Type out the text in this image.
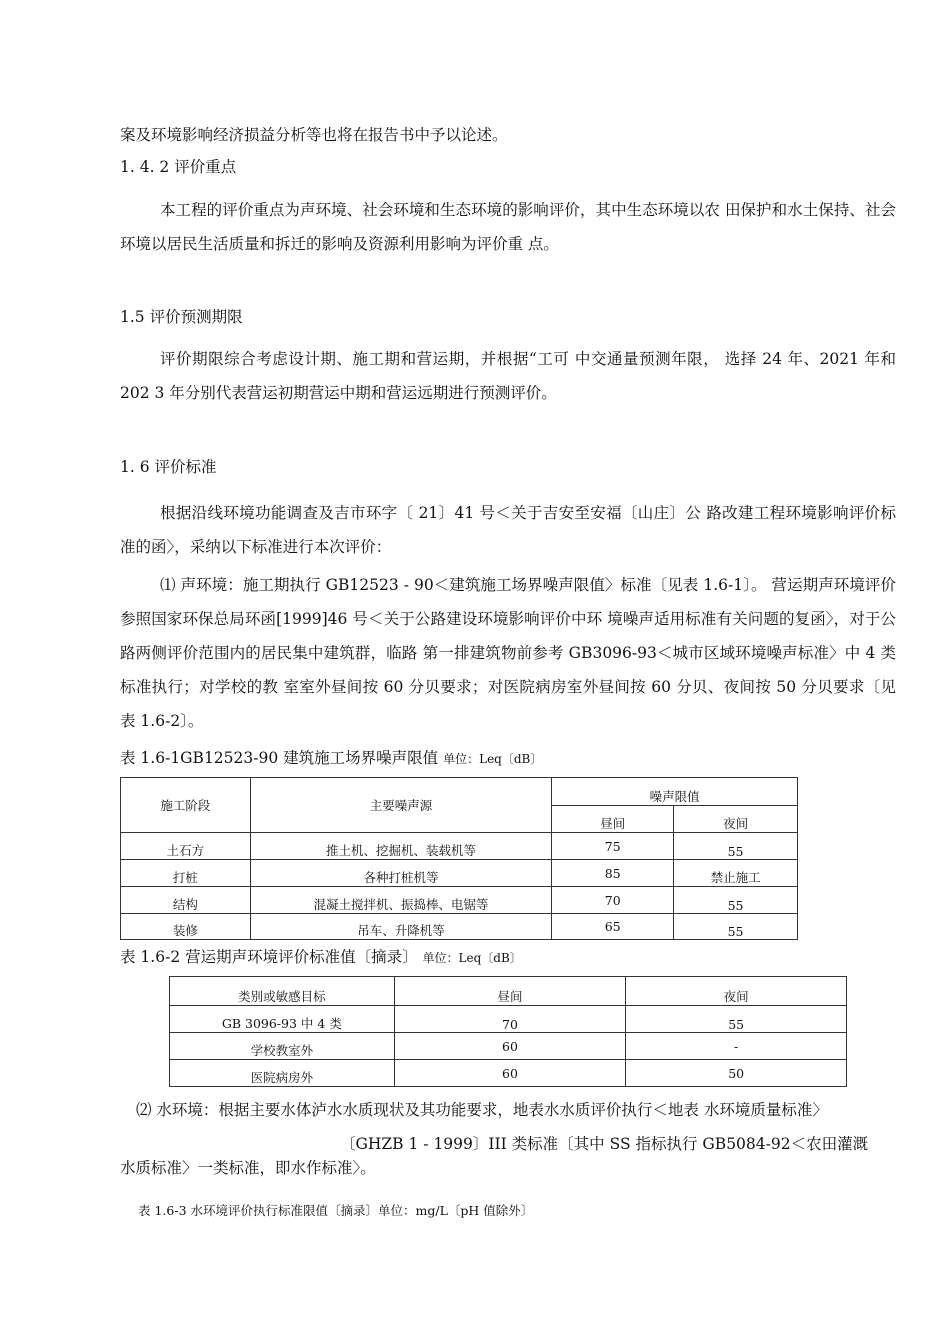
案及环境影响经济损益分析等也将在报告书中予以论述。
1. 4. 2 评价重点

本工程的评价重点为声环境、社会环境和生态环境的影响评价，其中生态环境以农 田保护和水土保持、社会环境以居民生活质量和拆迁的影响及资源利用影响为评价重 点。

1.5 评价预测期限

评价期限综合考虑设计期、施工期和营运期，并根据“工可 中交通量预测年限， 选择 24 年、2021 年和 202 3 年分别代表营运初期营运中期和营运远期进行预测评价。

1. 6 评价标准

根据沿线环境功能调查及吉市环字〔 21〕41 号＜关于吉安至安福〔山庄〕公 路改建工程环境影响评价标准的函〉，采纳以下标准进行本次评价：

⑴ 声环境：施工期执行 GB12523 - 90＜建筑施工场界噪声限值〉标准〔见表 1.6-1〕。 营运期声环境评价参照国家环保总局环函[1999]46 号＜关于公路建设环境影响评价中环 境噪声适用标准有关问题的复函〉，对于公路两侧评价范围内的居民集中建筑群，临路 第一排建筑物前参考 GB3096-93＜城市区域环境噪声标准〉中 4 类标准执行；对学校的教 室室外昼间按 60 分贝要求；对医院病房室外昼间按 60 分贝、夜间按 50 分贝要求〔见 表 1.6-2〕。

表 1.6-1GB12523-90 建筑施工场界噪声限值 单位：Leq〔dB〕
施工阶段	主要噪声源	噪声限值	
		昼间	夜间
土石方	推土机、挖掘机、装载机等	75	55
打桩	各种打桩机等	85	禁止施工
结构	混凝土搅拌机、振捣棒、电锯等	70	55
装修	吊车、升降机等	65	55
表 1.6-2 营运期声环境评价标准值〔摘录〕 单位：Leq〔dB〕
类别或敏感目标	昼间	夜间
GB 3096-93 中 4 类	70	55
学校教室外	60	-
医院病房外	60	50
⑵ 水环境：根据主要水体泸水水质现状及其功能要求，地表水水质评价执行＜地表 水环境质量标准〉
〔GHZB 1 - 1999〕III 类标准〔其中 SS 指标执行 GB5084-92＜农田灌溉
水质标准〉一类标准，即水作标准〉。
表 1.6-3 水环境评价执行标准限值〔摘录〕单位：mg/L〔pH 值除外〕
